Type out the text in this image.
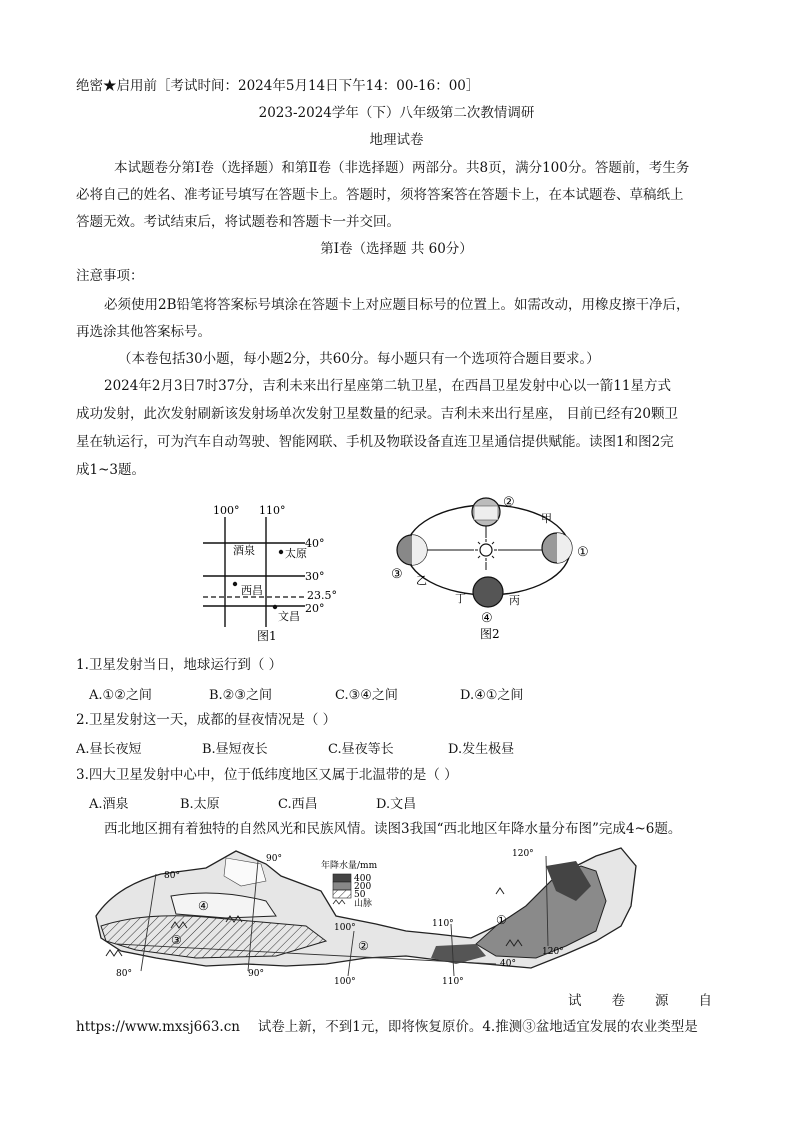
绝密★启用前［考试时间：2024年5月14日下午14：00-16：00］
2023-2024学年（下）八年级第二次教情调研
地理试卷
本试题卷分第Ⅰ卷（选择题）和第Ⅱ卷（非选择题）两部分。共8页，满分100分。答题前，考生务
必将自己的姓名、准考证号填写在答题卡上。答题时，须将答案答在答题卡上，在本试题卷、草稿纸上
答题无效。考试结束后，将试题卷和答题卡一并交回。
第Ⅰ卷（选择题 共 60分）
注意事项：
必须使用2B铅笔将答案标号填涂在答题卡上对应题目标号的位置上。如需改动，用橡皮擦干净后，
再选涂其他答案标号。
（本卷包括30小题，每小题2分，共60分。每小题只有一个选项符合题目要求。）
2024年2月3日7时37分，吉利未来出行星座第二轨卫星，在西昌卫星发射中心以一箭11星方式
成功发射，此次发射刷新该发射场单次发射卫星数量的纪录。吉利未来出行星座， 目前已经有20颗卫
星在轨运行，可为汽车自动驾驶、智能网联、手机及物联设备直连卫星通信提供赋能。读图1和图2完
成1~3题。
100° 110°
40°
30°
23.5°
20°
酒泉	太原
西昌
文昌
图1
②
①
③
④
甲
乙
丁	丙
图2
1.卫星发射当日，地球运行到（ ）
A.①②之间	B.②③之间	C.③④之间	D.④①之间
2.卫星发射这一天，成都的昼夜情况是（ ）
A.昼长夜短	B.昼短夜长	C.昼夜等长	D.发生极昼
3.四大卫星发射中心中，位于低纬度地区又属于北温带的是（ ）
A.酒泉	B.太原	C.西昌	D.文昌
西北地区拥有着独特的自然风光和民族风情。读图3我国“西北地区年降水量分布图”完成4~6题。
年降水量/mm
400
200
50
山脉
80°
90°	120°
110°
100°
40°
120°
80°	90°
100°	110°
④
③	②
①
试　　卷　　源　　自
https://www.mxsj663.cn　 试卷上新，不到1元，即将恢复原价。4.推测③盆地适宜发展的农业类型是
